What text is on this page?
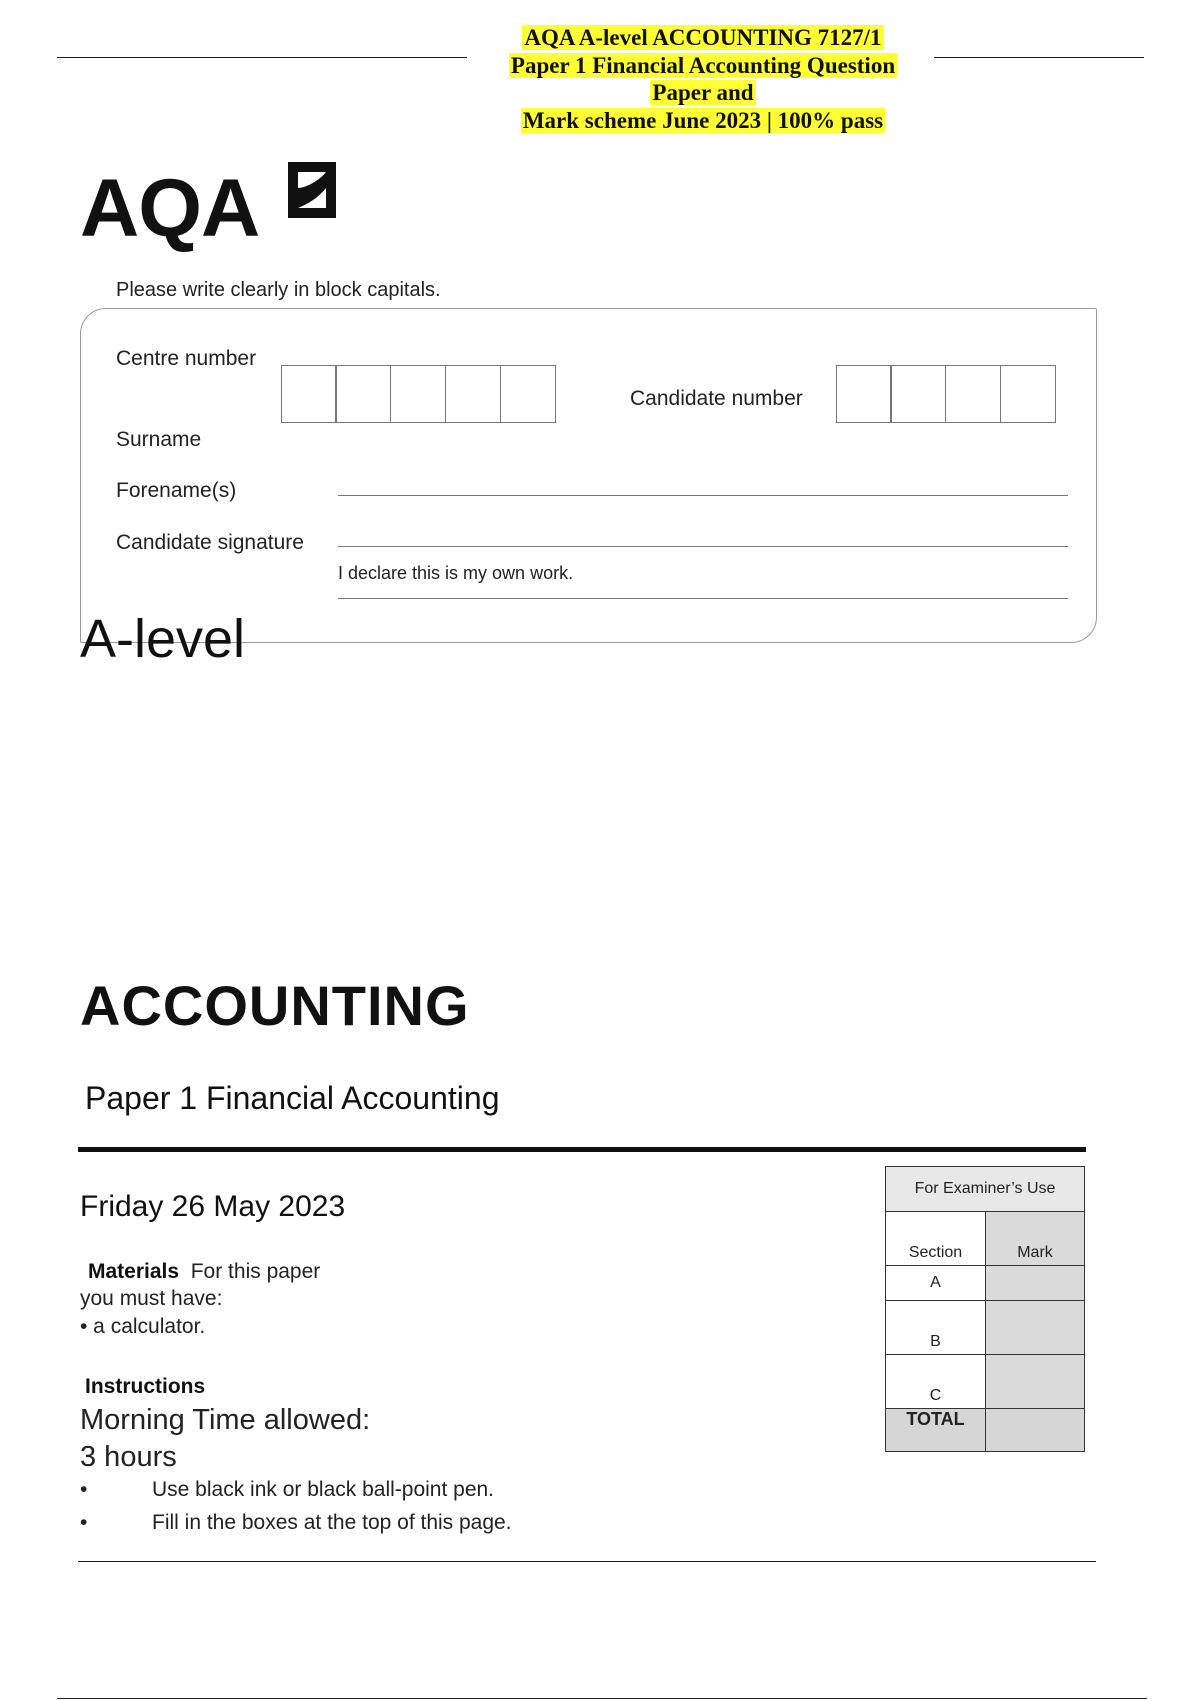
AQA A-level ACCOUNTING 7127/1
Paper 1 Financial Accounting Question
Paper and
Mark scheme June 2023 | 100% pass
AQA
Please write clearly in block capitals.
Centre number
Candidate number
Surname
Forename(s)
Candidate signature
I declare this is my own work.
A-level
ACCOUNTING
Paper 1 Financial Accounting
Friday 26 May 2023
Materials For this paper
you must have:
• a calculator.
Instructions
Morning Time allowed:
3 hours
•	Use black ink or black ball-point pen.
•	Fill in the boxes at the top of this page.
For Examiner’s Use	
Section	Mark
A	
B	
C	
TOTAL	
